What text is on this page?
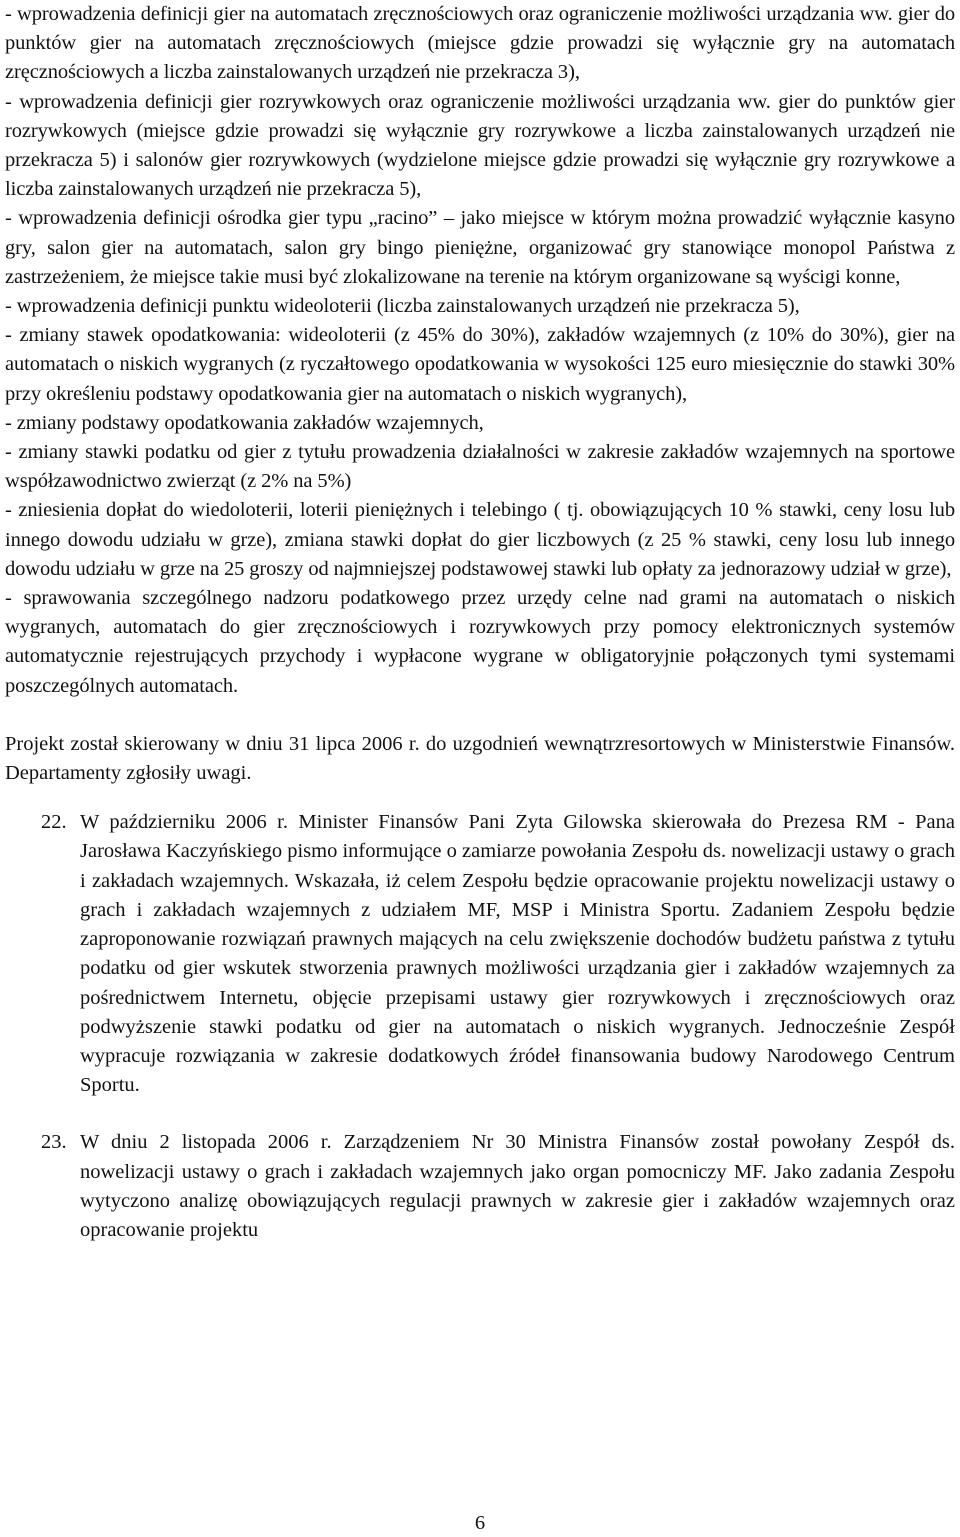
- wprowadzenia definicji gier na automatach zręcznościowych oraz ograniczenie możliwości urządzania ww. gier do punktów gier na automatach zręcznościowych (miejsce gdzie prowadzi się wyłącznie gry na automatach zręcznościowych a liczba zainstalowanych urządzeń nie przekracza 3),

- wprowadzenia definicji gier rozrywkowych oraz ograniczenie możliwości urządzania ww. gier do punktów gier rozrywkowych (miejsce gdzie prowadzi się wyłącznie gry rozrywkowe a liczba zainstalowanych urządzeń nie przekracza 5) i salonów gier rozrywkowych (wydzielone miejsce gdzie prowadzi się wyłącznie gry rozrywkowe a liczba zainstalowanych urządzeń nie przekracza 5),

- wprowadzenia definicji ośrodka gier typu „racino” – jako miejsce w którym można prowadzić wyłącznie kasyno gry, salon gier na automatach, salon gry bingo pieniężne, organizować gry stanowiące monopol Państwa z zastrzeżeniem, że miejsce takie musi być zlokalizowane na terenie na którym organizowane są wyścigi konne,

- wprowadzenia definicji punktu wideoloterii (liczba zainstalowanych urządzeń nie przekracza 5),

- zmiany stawek opodatkowania: wideoloterii (z 45% do 30%), zakładów wzajemnych (z 10% do 30%), gier na automatach o niskich wygranych (z ryczałtowego opodatkowania w wysokości 125 euro miesięcznie do stawki 30% przy określeniu podstawy opodatkowania gier na automatach o niskich wygranych),

- zmiany podstawy opodatkowania zakładów wzajemnych,

- zmiany stawki podatku od gier z tytułu prowadzenia działalności w zakresie zakładów wzajemnych na sportowe współzawodnictwo zwierząt (z 2% na 5%)

- zniesienia dopłat do wiedoloterii, loterii pieniężnych i telebingo ( tj. obowiązujących 10 % stawki, ceny losu lub innego dowodu udziału w grze), zmiana stawki dopłat do gier liczbowych (z 25 % stawki, ceny losu lub innego dowodu udziału w grze na 25 groszy od najmniejszej podstawowej stawki lub opłaty za jednorazowy udział w grze),

- sprawowania szczególnego nadzoru podatkowego przez urzędy celne nad grami na automatach o niskich wygranych, automatach do gier zręcznościowych i rozrywkowych przy pomocy elektronicznych systemów automatycznie rejestrujących przychody i wypłacone wygrane w obligatoryjnie połączonych tymi systemami poszczególnych automatach.

Projekt został skierowany w dniu 31 lipca 2006 r. do uzgodnień wewnątrzresortowych w Ministerstwie Finansów. Departamenty zgłosiły uwagi.

22. W październiku 2006 r. Minister Finansów Pani Zyta Gilowska skierowała do Prezesa RM - Pana Jarosława Kaczyńskiego pismo informujące o zamiarze powołania Zespołu ds. nowelizacji ustawy o grach i zakładach wzajemnych. Wskazała, iż celem Zespołu będzie opracowanie projektu nowelizacji ustawy o grach i zakładach wzajemnych z udziałem MF, MSP i Ministra Sportu. Zadaniem Zespołu będzie zaproponowanie rozwiązań prawnych mających na celu zwiększenie dochodów budżetu państwa z tytułu podatku od gier wskutek stworzenia prawnych możliwości urządzania gier i zakładów wzajemnych za pośrednictwem Internetu, objęcie przepisami ustawy gier rozrywkowych i zręcznościowych oraz podwyższenie stawki podatku od gier na automatach o niskich wygranych. Jednocześnie Zespół wypracuje rozwiązania w zakresie dodatkowych źródeł finansowania budowy Narodowego Centrum Sportu.
23. W dniu 2 listopada 2006 r. Zarządzeniem Nr 30 Ministra Finansów został powołany Zespół ds. nowelizacji ustawy o grach i zakładach wzajemnych jako organ pomocniczy MF. Jako zadania Zespołu wytyczono analizę obowiązujących regulacji prawnych w zakresie gier i zakładów wzajemnych oraz opracowanie projektu
6
